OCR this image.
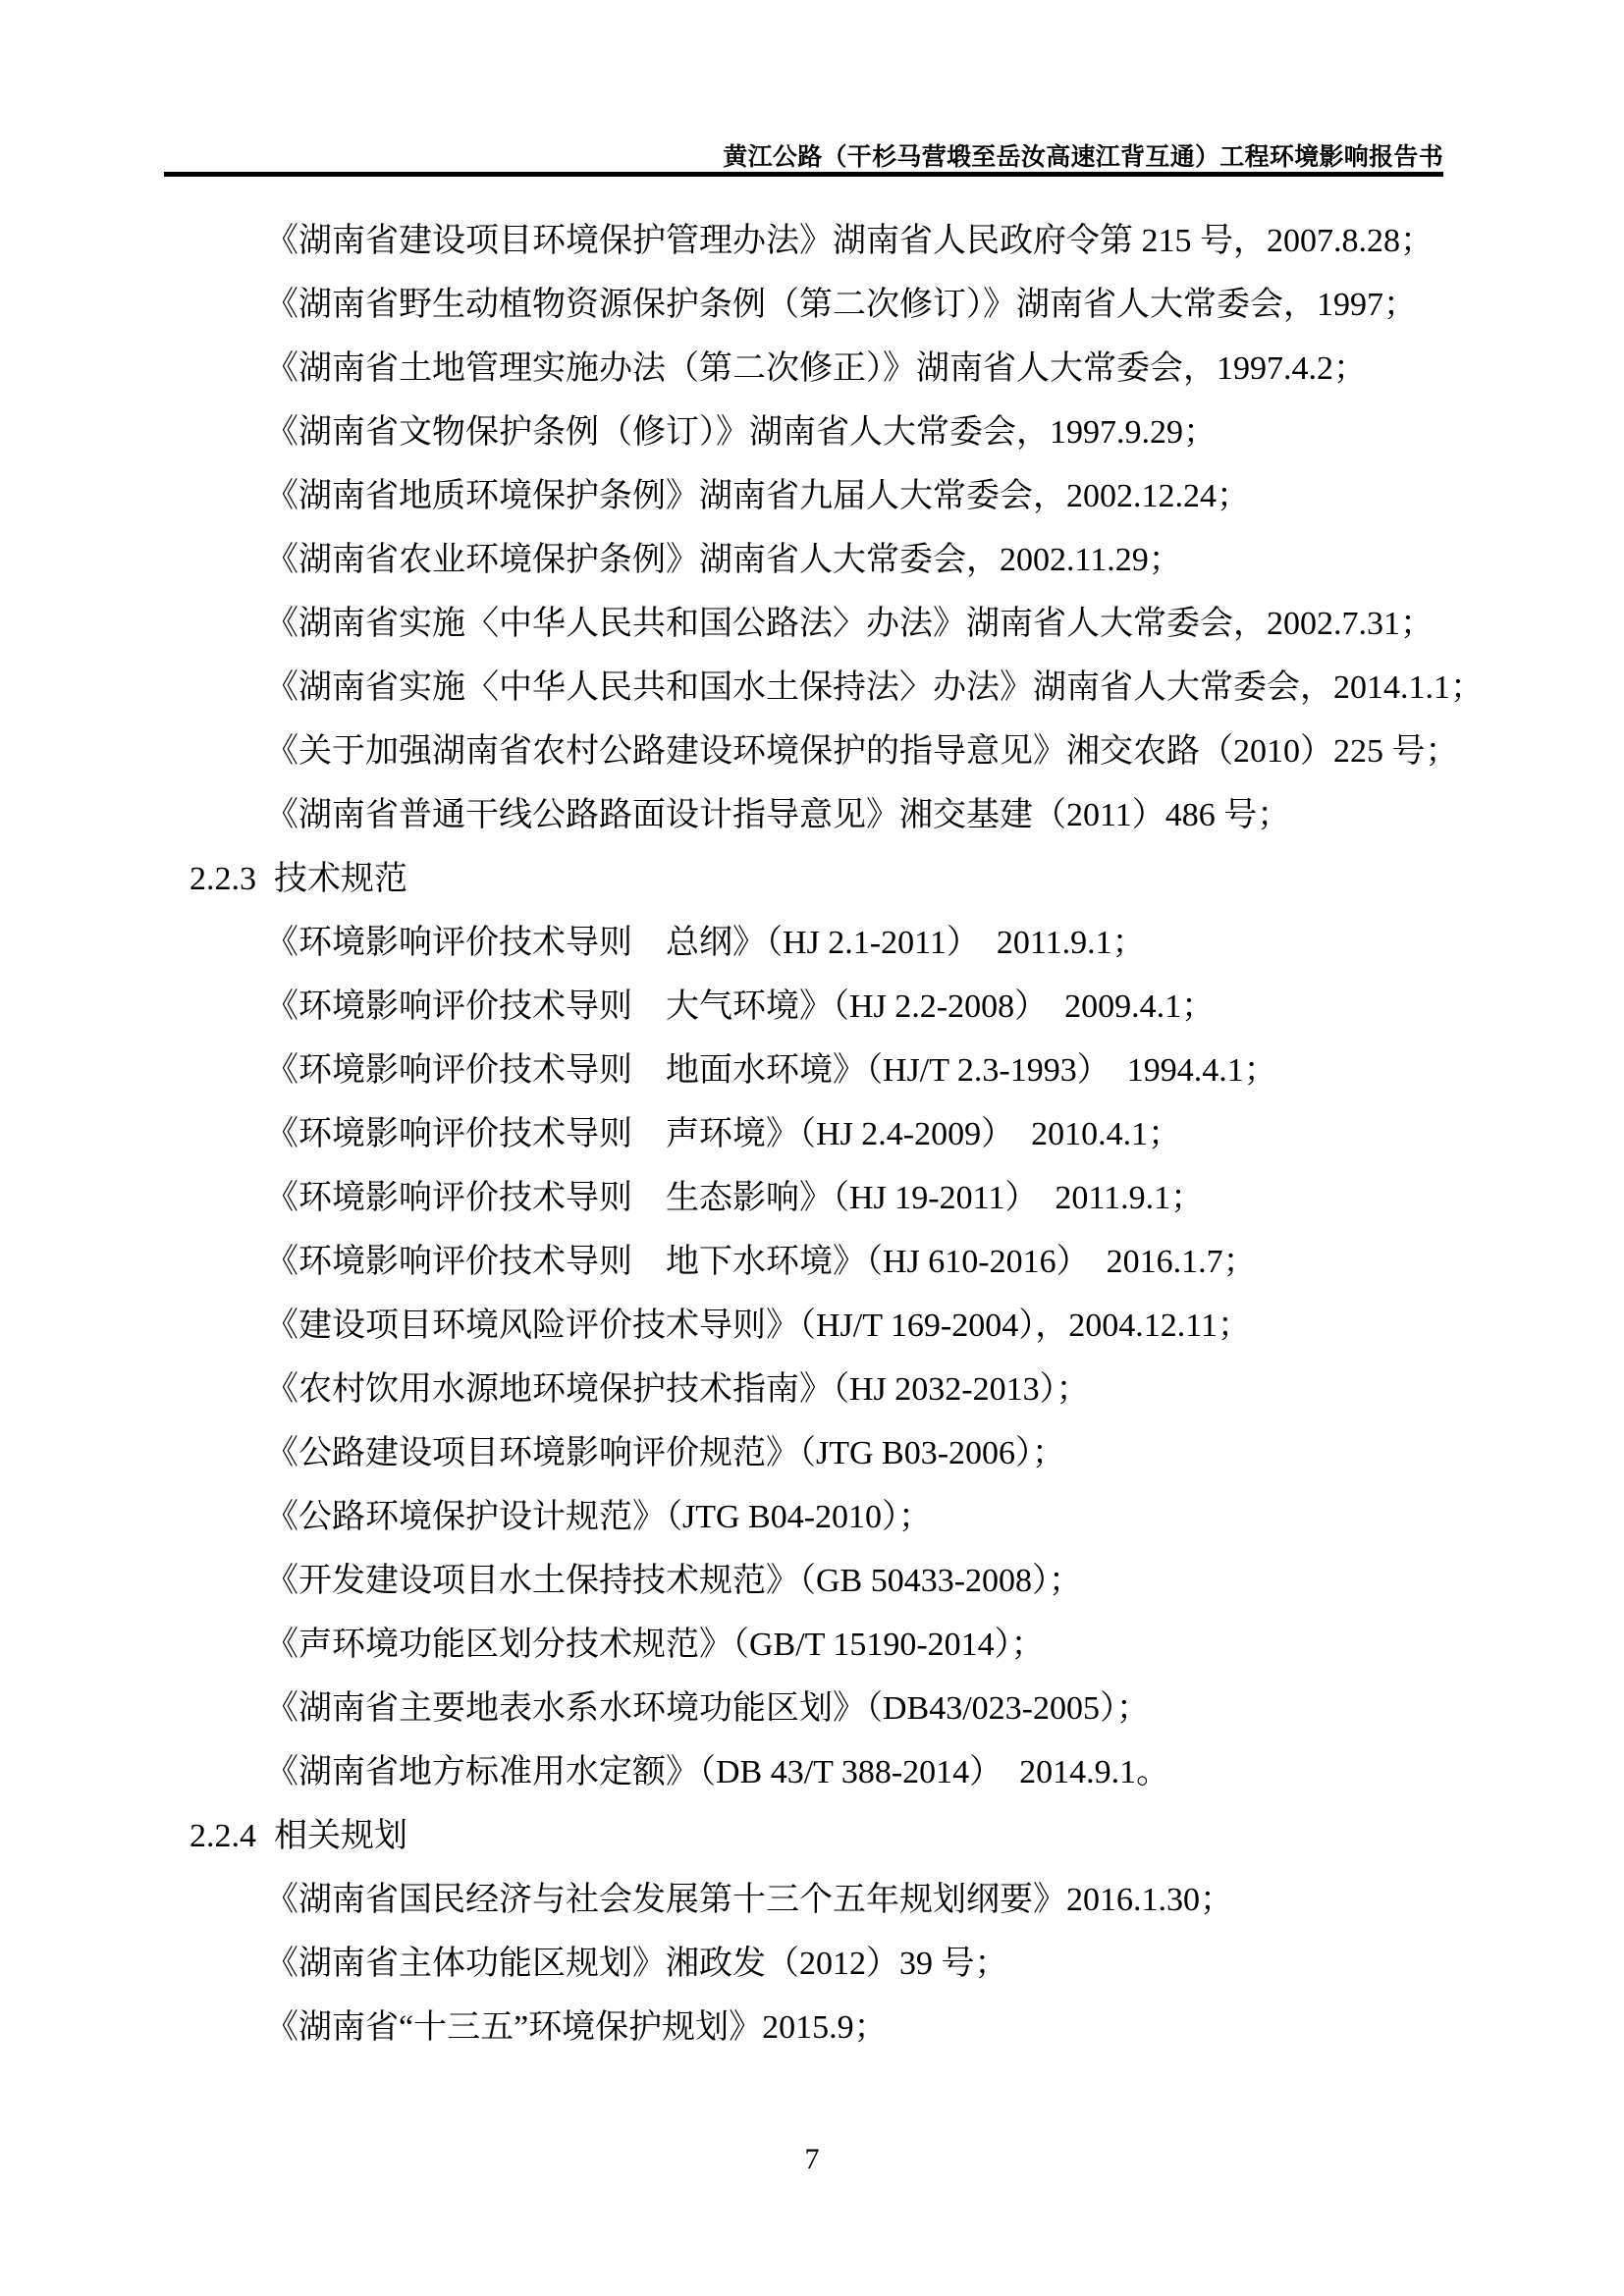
黄江公路（干杉马营塅至岳汝高速江背互通）工程环境影响报告书
《湖南省建设项目环境保护管理办法》湖南省人民政府令第 215 号，2007.8.28；
《湖南省野生动植物资源保护条例（第二次修订）》湖南省人大常委会，1997；
《湖南省土地管理实施办法（第二次修正）》湖南省人大常委会，1997.4.2；
《湖南省文物保护条例（修订）》湖南省人大常委会，1997.9.29；
《湖南省地质环境保护条例》湖南省九届人大常委会，2002.12.24；
《湖南省农业环境保护条例》湖南省人大常委会，2002.11.29；
《湖南省实施〈中华人民共和国公路法〉办法》湖南省人大常委会，2002.7.31；
《湖南省实施〈中华人民共和国水土保持法〉办法》湖南省人大常委会，2014.1.1；
《关于加强湖南省农村公路建设环境保护的指导意见》湘交农路（2010）225 号；
《湖南省普通干线公路路面设计指导意见》湘交基建（2011）486 号；
2.2.3 技术规范
《环境影响评价技术导则　总纲》（HJ 2.1-2011）　2011.9.1；
《环境影响评价技术导则　大气环境》（HJ 2.2-2008）　2009.4.1；
《环境影响评价技术导则　地面水环境》（HJ/T 2.3-1993）　1994.4.1；
《环境影响评价技术导则　声环境》（HJ 2.4-2009）　2010.4.1；
《环境影响评价技术导则　生态影响》（HJ 19-2011）　2011.9.1；
《环境影响评价技术导则　地下水环境》（HJ 610-2016）　2016.1.7；
《建设项目环境风险评价技术导则》（HJ/T 169-2004），2004.12.11；
《农村饮用水源地环境保护技术指南》（HJ 2032-2013）；
《公路建设项目环境影响评价规范》（JTG B03-2006）；
《公路环境保护设计规范》（JTG B04-2010）；
《开发建设项目水土保持技术规范》（GB 50433-2008）；
《声环境功能区划分技术规范》（GB/T 15190-2014）；
《湖南省主要地表水系水环境功能区划》（DB43/023-2005）；
《湖南省地方标准用水定额》（DB 43/T 388-2014）　2014.9.1。
2.2.4 相关规划
《湖南省国民经济与社会发展第十三个五年规划纲要》2016.1.30；
《湖南省主体功能区规划》湘政发（2012）39 号；
《湖南省“十三五”环境保护规划》2015.9；
7
